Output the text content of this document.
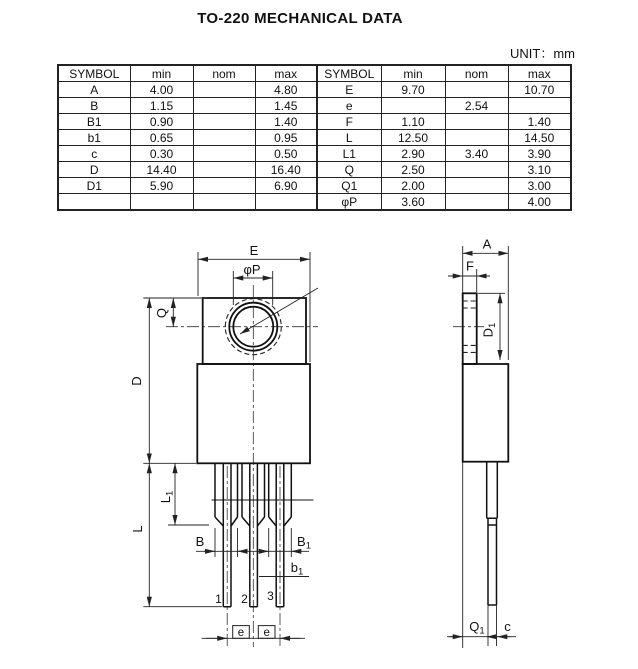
TO-220 MECHANICAL DATA
UNIT：mm
SYMBOL	min	nom	max	SYMBOL	min	nom	max
A	4.00		4.80	E	9.70		10.70
B	1.15		1.45	e		2.54	
B1	0.90		1.40	F	1.10		1.40
b1	0.65		0.95	L	12.50		14.50
c	0.30		0.50	L1	2.90	3.40	3.90
D	14.40		16.40	Q	2.50		3.10
D1	5.90		6.90	Q1	2.00		3.00
				φP	3.60		4.00
E
φP
Q
D
L
L1
B	B1
b1
1 2 3
e e
A
F
D1
Q1 c
